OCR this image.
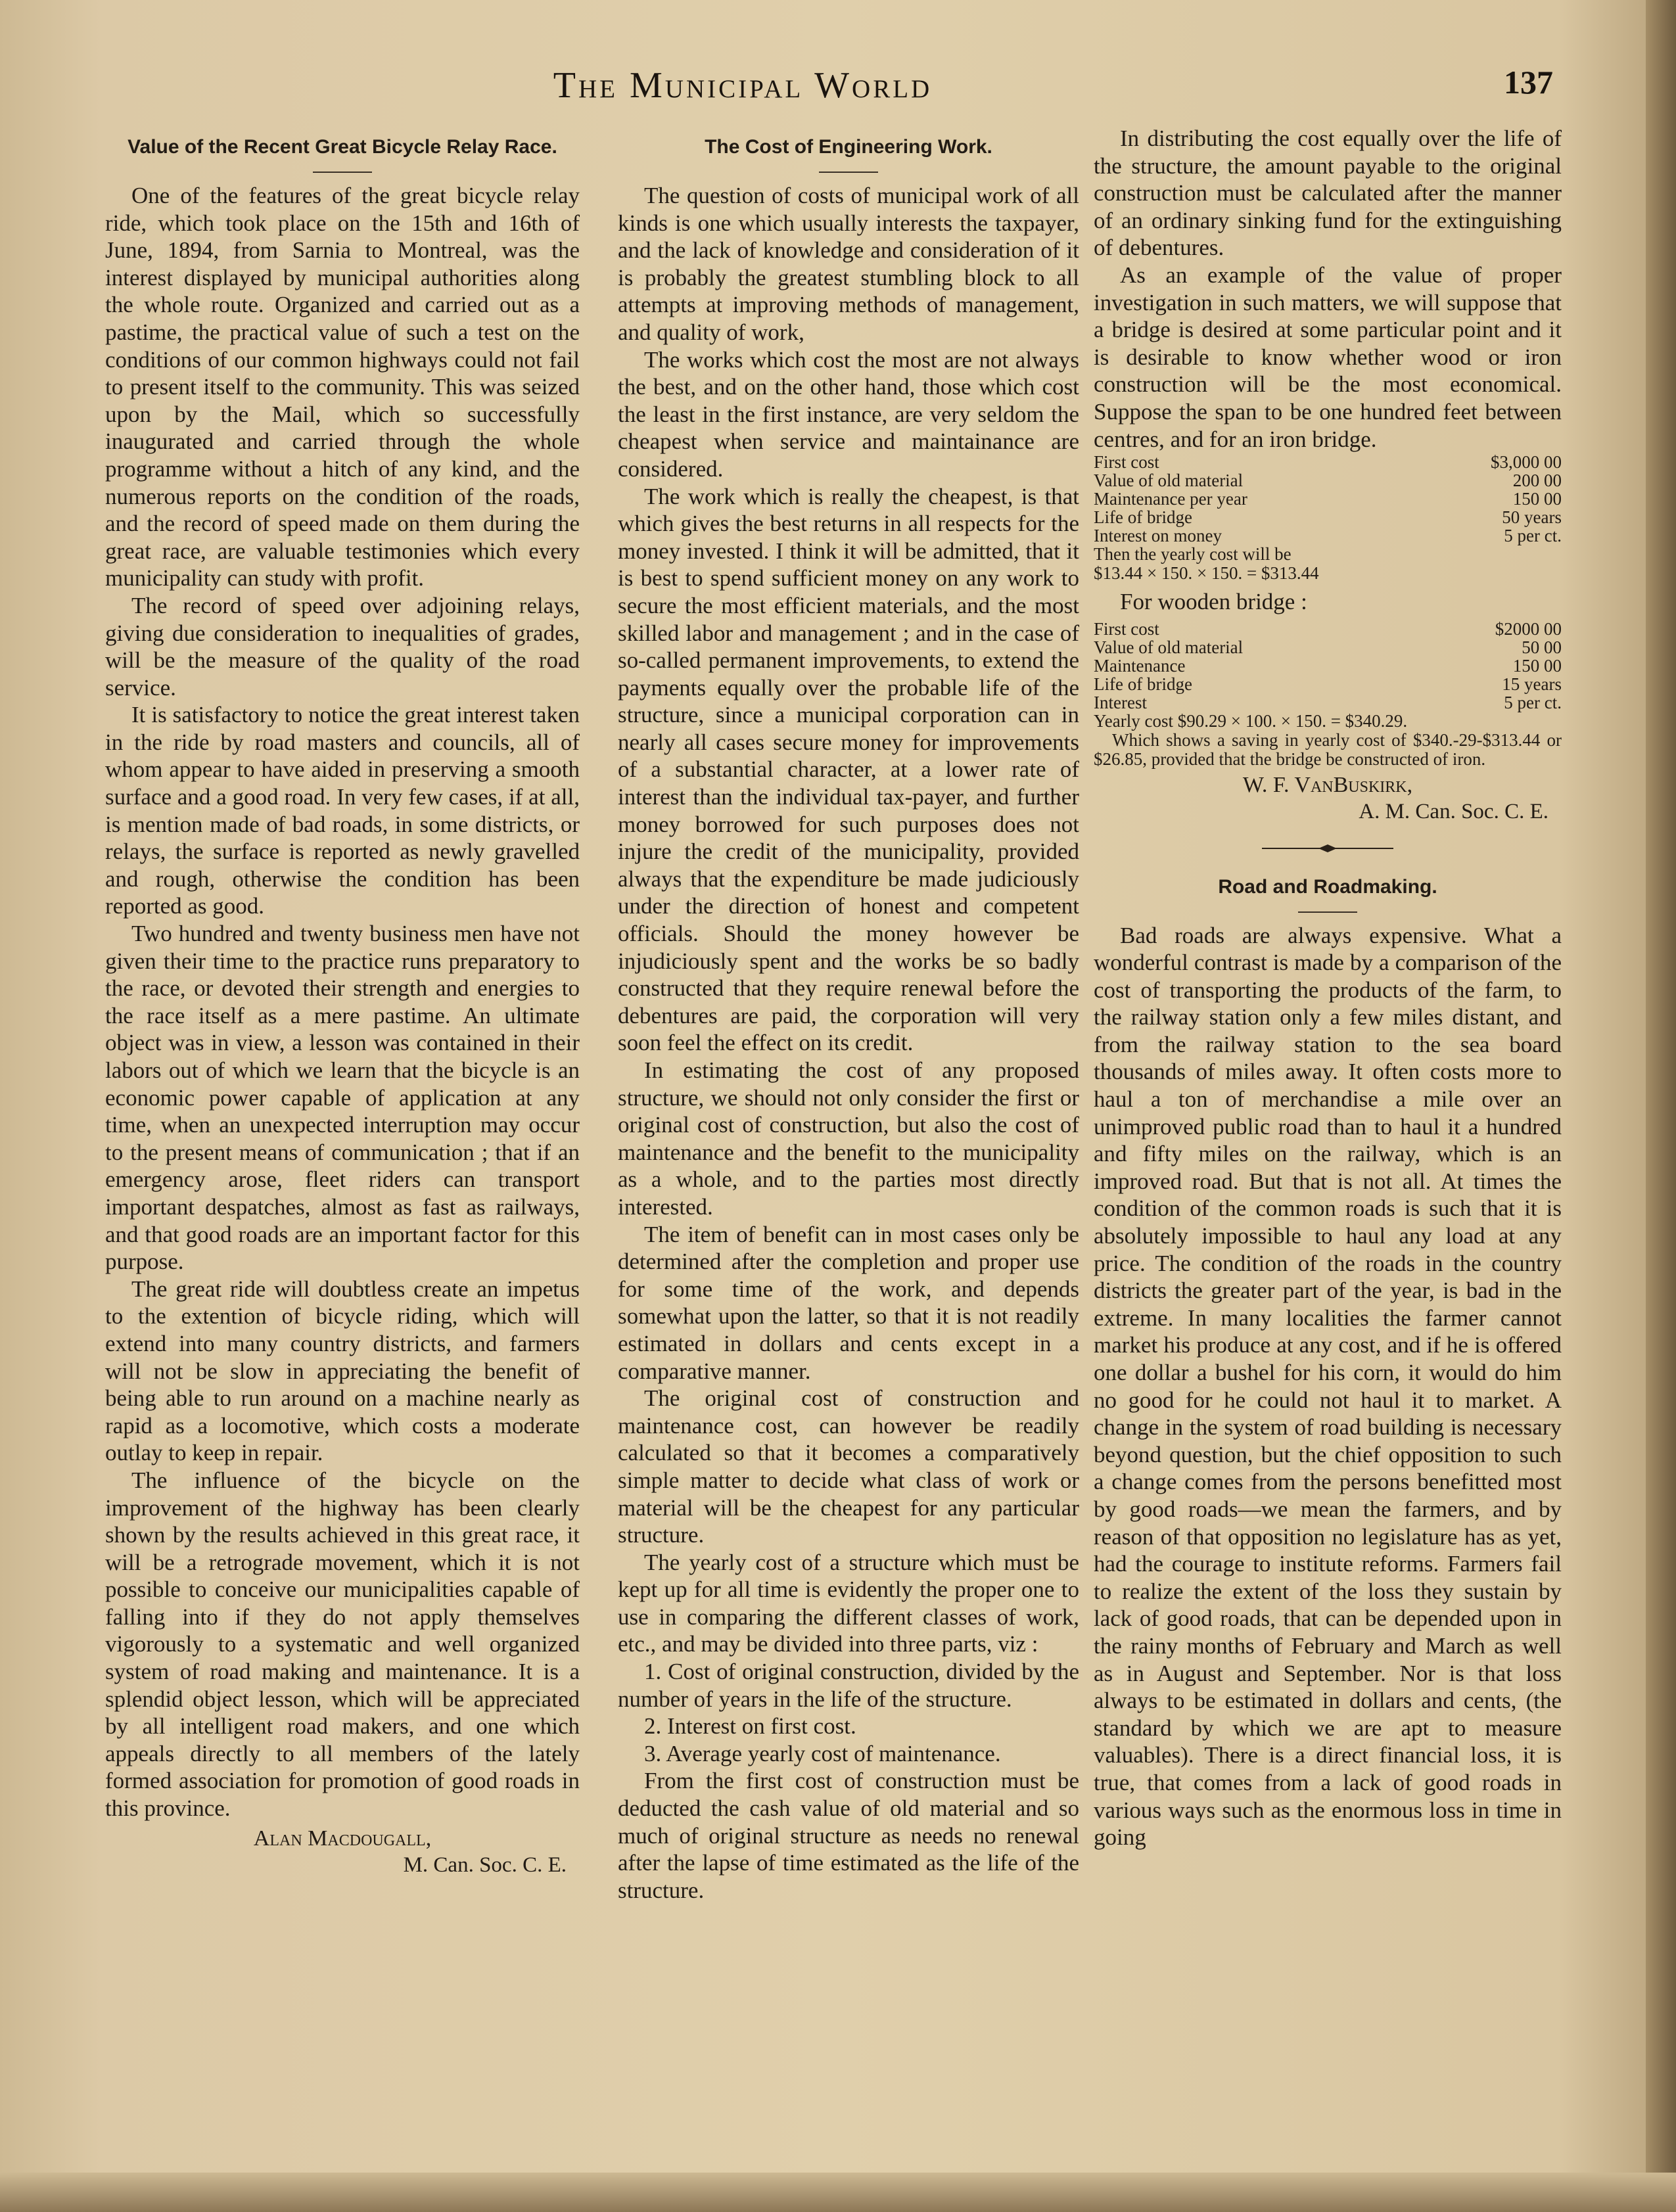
The Municipal World	137
Value of the Recent Great Bicycle Relay Race.

One of the features of the great bicycle relay ride, which took place on the 15th and 16th of June, 1894, from Sarnia to Montreal, was the interest displayed by municipal authorities along the whole route. Organized and carried out as a pastime, the practical value of such a test on the conditions of our common highways could not fail to present itself to the community. This was seized upon by the Mail, which so successfully inaugurated and carried through the whole programme without a hitch of any kind, and the numerous reports on the condition of the roads, and the record of speed made on them during the great race, are valuable testimonies which every municipality can study with profit.

The record of speed over adjoining relays, giving due consideration to inequalities of grades, will be the measure of the quality of the road service.

It is satisfactory to notice the great interest taken in the ride by road masters and councils, all of whom appear to have aided in preserving a smooth surface and a good road. In very few cases, if at all, is mention made of bad roads, in some districts, or relays, the surface is reported as newly gravelled and rough, otherwise the condition has been reported as good.

Two hundred and twenty business men have not given their time to the practice runs preparatory to the race, or devoted their strength and energies to the race itself as a mere pastime. An ultimate object was in view, a lesson was contained in their labors out of which we learn that the bicycle is an economic power capable of application at any time, when an unexpected interruption may occur to the present means of communication ; that if an emergency arose, fleet riders can transport important despatches, almost as fast as railways, and that good roads are an important factor for this purpose.

The great ride will doubtless create an impetus to the extention of bicycle riding, which will extend into many country districts, and farmers will not be slow in appreciating the benefit of being able to run around on a machine nearly as rapid as a locomotive, which costs a moderate outlay to keep in repair.

The influence of the bicycle on the improvement of the highway has been clearly shown by the results achieved in this great race, it will be a retrograde movement, which it is not possible to conceive our municipalities capable of falling into if they do not apply themselves vigorously to a systematic and well organized system of road making and maintenance. It is a splendid object lesson, which will be appreciated by all intelligent road makers, and one which appeals directly to all members of the lately formed association for promotion of good roads in this province.

Alan Macdougall,
M. Can. Soc. C. E.
The Cost of Engineering Work.

The question of costs of municipal work of all kinds is one which usually interests the taxpayer, and the lack of knowledge and consideration of it is probably the greatest stumbling block to all attempts at improving methods of management, and quality of work,

The works which cost the most are not always the best, and on the other hand, those which cost the least in the first instance, are very seldom the cheapest when service and maintainance are considered.

The work which is really the cheapest, is that which gives the best returns in all respects for the money invested. I think it will be admitted, that it is best to spend sufficient money on any work to secure the most efficient materials, and the most skilled labor and management ; and in the case of so-called permanent improvements, to extend the payments equally over the probable life of the structure, since a municipal corporation can in nearly all cases secure money for improvements of a substantial character, at a lower rate of interest than the individual tax-payer, and further money borrowed for such purposes does not injure the credit of the municipality, provided always that the expenditure be made judiciously under the direction of honest and competent officials. Should the money however be injudiciously spent and the works be so badly constructed that they require renewal before the debentures are paid, the corporation will very soon feel the effect on its credit.

In estimating the cost of any proposed structure, we should not only consider the first or original cost of construction, but also the cost of maintenance and the benefit to the municipality as a whole, and to the parties most directly interested.

The item of benefit can in most cases only be determined after the completion and proper use for some time of the work, and depends somewhat upon the latter, so that it is not readily estimated in dollars and cents except in a comparative manner.

The original cost of construction and maintenance cost, can however be readily calculated so that it becomes a comparatively simple matter to decide what class of work or material will be the cheapest for any particular structure.

The yearly cost of a structure which must be kept up for all time is evidently the proper one to use in comparing the different classes of work, etc., and may be divided into three parts, viz :

1. Cost of original construction, divided by the number of years in the life of the structure.

2. Interest on first cost.

3. Average yearly cost of maintenance.

From the first cost of construction must be deducted the cash value of old material and so much of original structure as needs no renewal after the lapse of time estimated as the life of the structure.

In distributing the cost equally over the life of the structure, the amount payable to the original construction must be calculated after the manner of an ordinary sinking fund for the extinguishing of debentures.

As an example of the value of proper investigation in such matters, we will suppose that a bridge is desired at some particular point and it is desirable to know whether wood or iron construction will be the most economical. Suppose the span to be one hundred feet between centres, and for an iron bridge.

First cost	$3,000 00
Value of old material	200 00
Maintenance per year	150 00
Life of bridge	50 years
Interest on money	5 per ct.
Then the yearly cost will be
$13.44 × 150. × 150. = $313.44
For wooden bridge :
First cost	$2000 00
Value of old material	50 00
Maintenance	150 00
Life of bridge	15 years
Interest	5 per ct.
Yearly cost $90.29 × 100. × 150. = $340.29.
Which shows a saving in yearly cost of $340.-29-$313.44 or $26.85, provided that the bridge be constructed of iron.
W. F. VanBuskirk,
A. M. Can. Soc. C. E.
Road and Roadmaking.

Bad roads are always expensive. What a wonderful contrast is made by a comparison of the cost of transporting the products of the farm, to the railway station only a few miles distant, and from the railway station to the sea board thousands of miles away. It often costs more to haul a ton of merchandise a mile over an unimproved public road than to haul it a hundred and fifty miles on the railway, which is an improved road. But that is not all. At times the condition of the common roads is such that it is absolutely impossible to haul any load at any price. The condition of the roads in the country districts the greater part of the year, is bad in the extreme. In many localities the farmer cannot market his produce at any cost, and if he is offered one dollar a bushel for his corn, it would do him no good for he could not haul it to market. A change in the system of road building is necessary beyond question, but the chief opposition to such a change comes from the persons benefitted most by good roads—we mean the farmers, and by reason of that opposition no legislature has as yet, had the courage to institute reforms. Farmers fail to realize the extent of the loss they sustain by lack of good roads, that can be depended upon in the rainy months of February and March as well as in August and September. Nor is that loss always to be estimated in dollars and cents, (the standard by which we are apt to measure valuables). There is a direct financial loss, it is true, that comes from a lack of good roads in various ways such as the enormous loss in time in going
